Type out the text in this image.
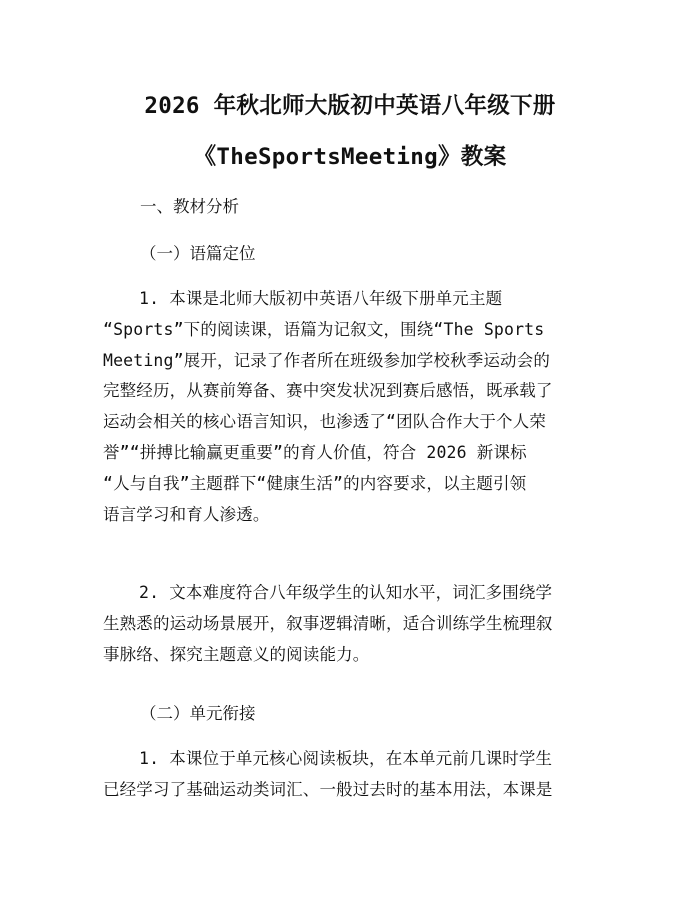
2026 年秋北师大版初中英语八年级下册
《TheSportsMeeting》教案
一、教材分析
（一）语篇定位
1. 本课是北师大版初中英语八年级下册单元主题
“Sports”下的阅读课，语篇为记叙文，围绕“The Sports
Meeting”展开，记录了作者所在班级参加学校秋季运动会的
完整经历，从赛前筹备、赛中突发状况到赛后感悟，既承载了
运动会相关的核心语言知识，也渗透了“团队合作大于个人荣
誉”“拼搏比输赢更重要”的育人价值，符合 2026 新课标
“人与自我”主题群下“健康生活”的内容要求，以主题引领
语言学习和育人渗透。
2. 文本难度符合八年级学生的认知水平，词汇多围绕学
生熟悉的运动场景展开，叙事逻辑清晰，适合训练学生梳理叙
事脉络、探究主题意义的阅读能力。
（二）单元衔接
1. 本课位于单元核心阅读板块，在本单元前几课时学生
已经学习了基础运动类词汇、一般过去时的基本用法，本课是
